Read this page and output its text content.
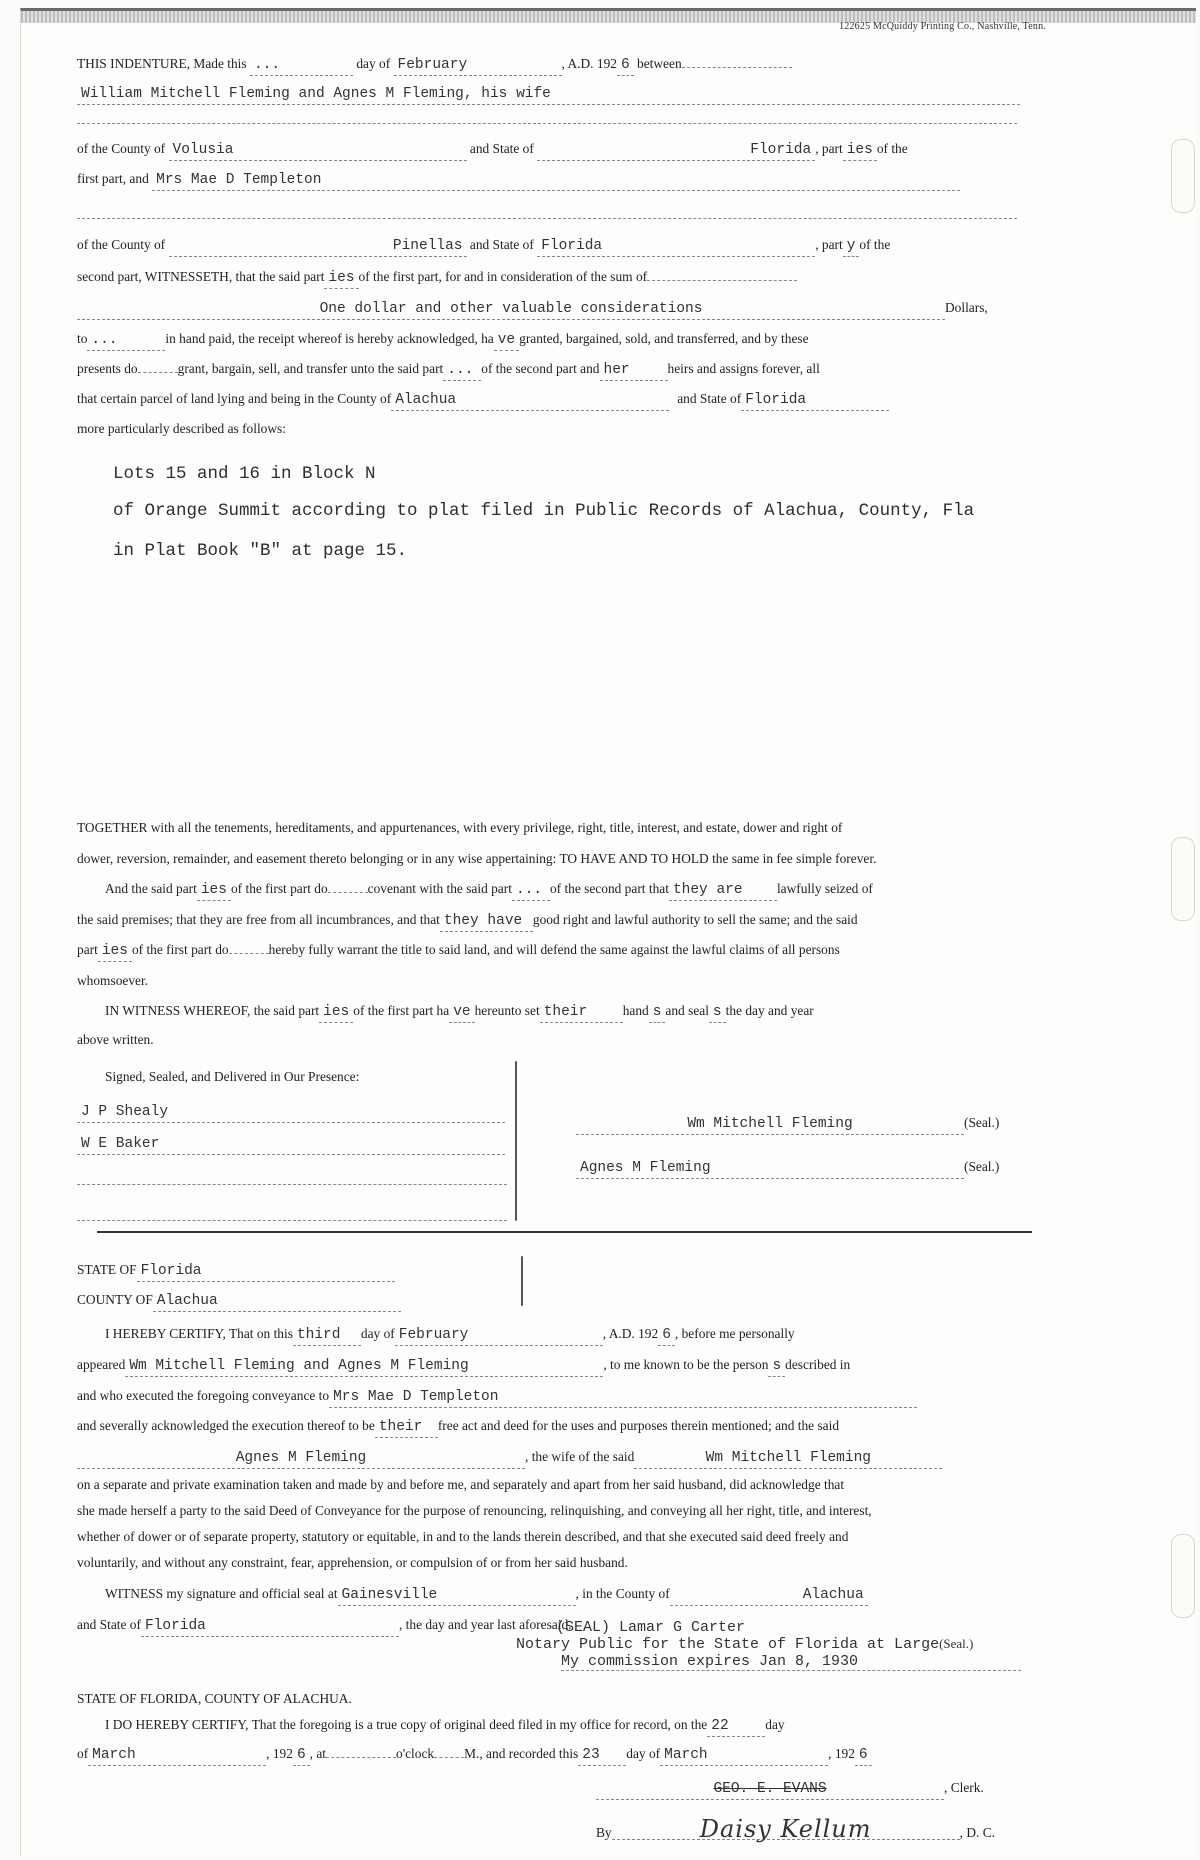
122625 McQuiddy Printing Co., Nashville, Tenn.
THIS INDENTURE, Made this ...	day of February	, A.D. 192 6 between
William Mitchell Fleming and Agnes M Fleming, his wife
of the County of Volusia	and State of	Florida , part ies of the
first part, and Mrs Mae D Templeton
of the County of	Pinellas and State of Florida	, part y of the
second part, WITNESSETH, that the said part ies of the first part, for and in consideration of the sum of
One dollar and other valuable considerations	Dollars,
to ...	in hand paid, the receipt whereof is hereby acknowledged, ha ve granted, bargained, sold, and transferred, and by these
presents do	grant, bargain, sell, and transfer unto the said part ... of the second part and her	heirs and assigns forever, all
that certain parcel of land lying and being in the County of Alachua	and State of Florida
more particularly described as follows:
Lots 15 and 16 in Block N
of Orange Summit according to plat filed in Public Records of Alachua, County, Fla
in Plat Book "B" at page 15.
TOGETHER with all the tenements, hereditaments, and appurtenances, with every privilege, right, title, interest, and estate, dower and right of
dower, reversion, remainder, and easement thereto belonging or in any wise appertaining: TO HAVE AND TO HOLD the same in fee simple forever.
And the said part ies of the first part do	covenant with the said part ... of the second part that they are	lawfully seized of
the said premises; that they are free from all incumbrances, and that they have good right and lawful authority to sell the same; and the said
part ies of the first part do	hereby fully warrant the title to said land, and will defend the same against the lawful claims of all persons
whomsoever.
IN WITNESS WHEREOF, the said part ies of the first part ha ve hereunto set their	hand s and seal s the day and year
above written.
Signed, Sealed, and Delivered in Our Presence:
J P Shealy
W E Baker
Wm Mitchell Fleming	(Seal.)
Agnes M Fleming	(Seal.)
STATE OF Florida
COUNTY OF Alachua
I HEREBY CERTIFY, That on this third day of February	, A.D. 192 6 , before me personally
appeared Wm Mitchell Fleming and Agnes M Fleming	, to me known to be the person s described in
and who executed the foregoing conveyance to Mrs Mae D Templeton
and severally acknowledged the execution thereof to be their free act and deed for the uses and purposes therein mentioned; and the said
Agnes M Fleming	, the wife of the said	Wm Mitchell Fleming
on a separate and private examination taken and made by and before me, and separately and apart from her said husband, did acknowledge that
she made herself a party to the said Deed of Conveyance for the purpose of renouncing, relinquishing, and conveying all her right, title, and interest,
whether of dower or of separate property, statutory or equitable, in and to the lands therein described, and that she executed said deed freely and
voluntarily, and without any constraint, fear, apprehension, or compulsion of or from her said husband.
WITNESS my signature and official seal at Gainesville	, in the County of	Alachua
and State of Florida	, the day and year last aforesaid.
(SEAL) Lamar G Carter
Notary Public for the State of Florida at Large(Seal.)
My commission expires Jan 8, 1930
STATE OF FLORIDA, COUNTY OF ALACHUA.
I DO HEREBY CERTIFY, That the foregoing is a true copy of original deed filed in my office for record, on the 22	day
of March	, 192 6 , at	o'clock M., and recorded this 23 day of March	, 192 6
GEO. E. EVANS	, Clerk.
By	Daisy Kellum	, D. C.
